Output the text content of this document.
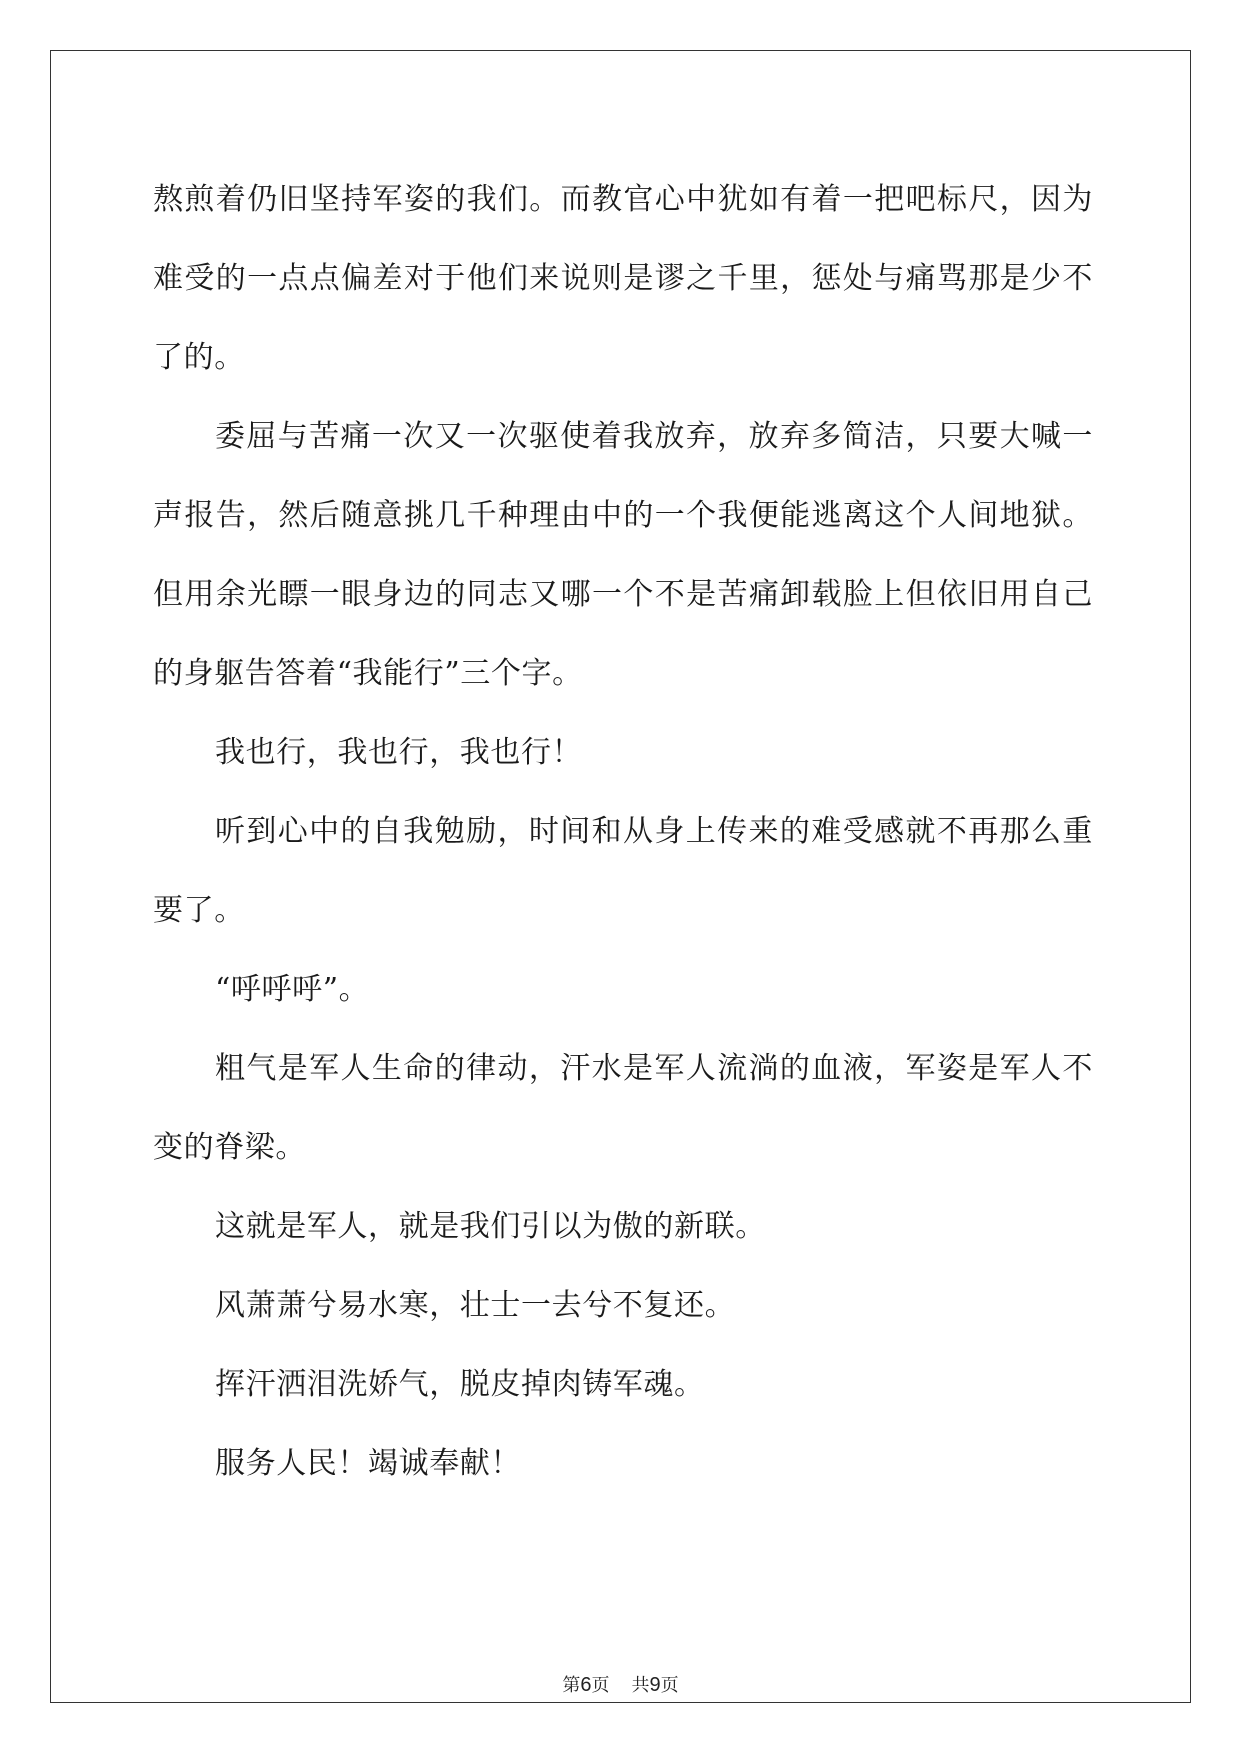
熬煎着仍旧坚持军姿的我们。而教官心中犹如有着一把吧标尺，因为难受的一点点偏差对于他们来说则是谬之千里，惩处与痛骂那是少不了的。

委屈与苦痛一次又一次驱使着我放弃，放弃多简洁，只要大喊一声报告，然后随意挑几千种理由中的一个我便能逃离这个人间地狱。但用余光瞟一眼身边的同志又哪一个不是苦痛卸载脸上但依旧用自己的身躯告答着“我能行”三个字。

我也行，我也行，我也行！

听到心中的自我勉励，时间和从身上传来的难受感就不再那么重要了。

“呼呼呼”。

粗气是军人生命的律动，汗水是军人流淌的血液，军姿是军人不变的脊梁。

这就是军人，就是我们引以为傲的新联。

风萧萧兮易水寒，壮士一去兮不复还。

挥汗洒泪洗娇气，脱皮掉肉铸军魂。

服务人民！竭诚奉献！

第6页 共9页
